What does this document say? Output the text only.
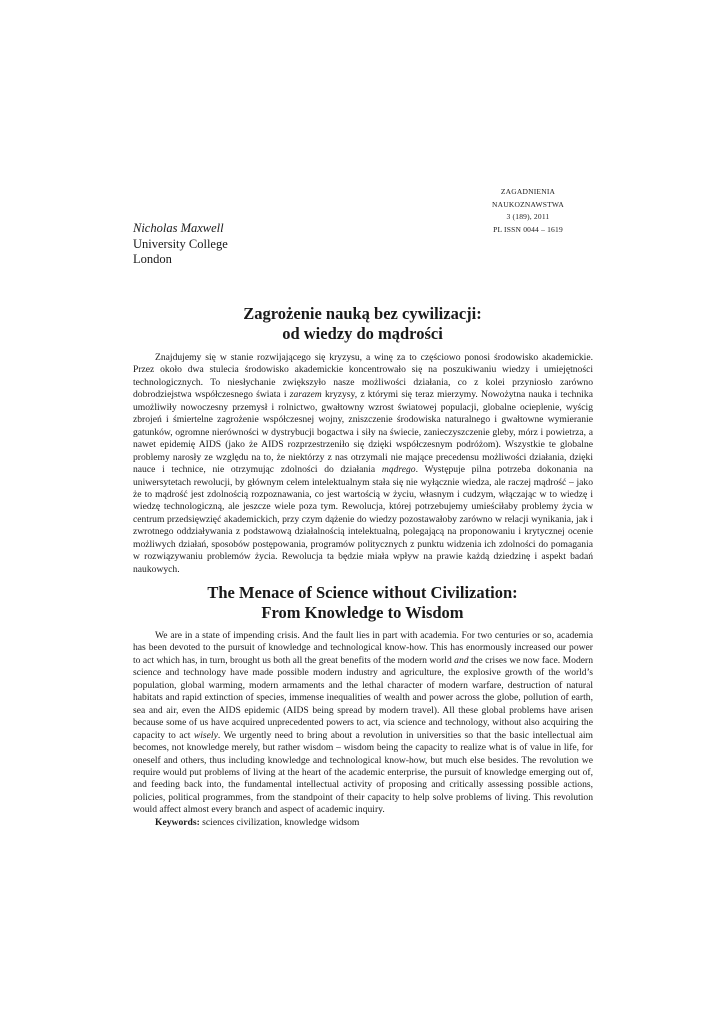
ZAGADNIENIA
NAUKOZNAWSTWA
3 (189), 2011
PL ISSN 0044 – 1619
Nicholas Maxwell
University College
London
Zagrożenie nauką bez cywilizacji:
od wiedzy do mądrości

Znajdujemy się w stanie rozwijającego się kryzysu, a winę za to częściowo ponosi środowisko akademickie. Przez około dwa stulecia środowisko akademickie koncentrowało się na poszukiwaniu wiedzy i umiejętności technologicznych. To niesłychanie zwiększyło nasze możliwości działania, co z kolei przyniosło zarówno dobrodziejstwa współczesnego świata i zarazem kryzysy, z którymi się teraz mierzymy. Nowożytna nauka i technika umożliwiły nowoczesny przemysł i rolnictwo, gwałtowny wzrost światowej populacji, globalne ocieplenie, wyścig zbrojeń i śmiertelne zagrożenie współczesnej wojny, zniszczenie środowiska naturalnego i gwałtowne wymieranie gatunków, ogromne nierówności w dystrybucji bogactwa i siły na świecie, zanieczyszczenie gleby, mórz i powietrza, a nawet epidemię AIDS (jako że AIDS rozprzestrzeniło się dzięki współczesnym podróżom). Wszystkie te globalne problemy narosły ze względu na to, że niektórzy z nas otrzymali nie mające precedensu możliwości działania, dzięki nauce i technice, nie otrzymując zdolności do działania mądrego. Występuje pilna potrzeba dokonania na uniwersytetach rewolucji, by głównym celem intelektualnym stała się nie wyłącznie wiedza, ale raczej mądrość – jako że to mądrość jest zdolnością rozpoznawania, co jest wartością w życiu, własnym i cudzym, włączając w to wiedzę i wiedzę technologiczną, ale jeszcze wiele poza tym. Rewolucja, której potrzebujemy umieściłaby problemy życia w centrum przedsięwzięć akademickich, przy czym dążenie do wiedzy pozostawałoby zarówno w relacji wynikania, jak i zwrotnego oddziaływania z podstawową działalnością intelektualną, polegającą na proponowaniu i krytycznej ocenie możliwych działań, sposobów postępowania, programów politycznych z punktu widzenia ich zdolności do pomagania w rozwiązywaniu problemów życia. Rewolucja ta będzie miała wpływ na prawie każdą dziedzinę i aspekt badań naukowych.

The Menace of Science without Civilization:
From Knowledge to Wisdom

We are in a state of impending crisis. And the fault lies in part with academia. For two centuries or so, academia has been devoted to the pursuit of knowledge and technological know-how. This has enormously increased our power to act which has, in turn, brought us both all the great benefits of the modern world and the crises we now face. Modern science and technology have made possible modern industry and agriculture, the explosive growth of the world’s population, global warming, modern armaments and the lethal character of modern warfare, destruction of natural habitats and rapid extinction of species, immense inequalities of wealth and power across the globe, pollution of earth, sea and air, even the AIDS epidemic (AIDS being spread by modern travel). All these global problems have arisen because some of us have acquired unprecedented powers to act, via science and technology, without also acquiring the capacity to act wisely. We urgently need to bring about a revolution in universities so that the basic intellectual aim becomes, not knowledge merely, but rather wisdom – wisdom being the capacity to realize what is of value in life, for oneself and others, thus including knowledge and technological know-how, but much else besides. The revolution we require would put problems of living at the heart of the academic enterprise, the pursuit of knowledge emerging out of, and feeding back into, the fundamental intellectual activity of proposing and critically assessing possible actions, policies, political programmes, from the standpoint of their capacity to help solve problems of living. This revolution would affect almost every branch and aspect of academic inquiry.

Keywords: sciences civilization, knowledge widsom
